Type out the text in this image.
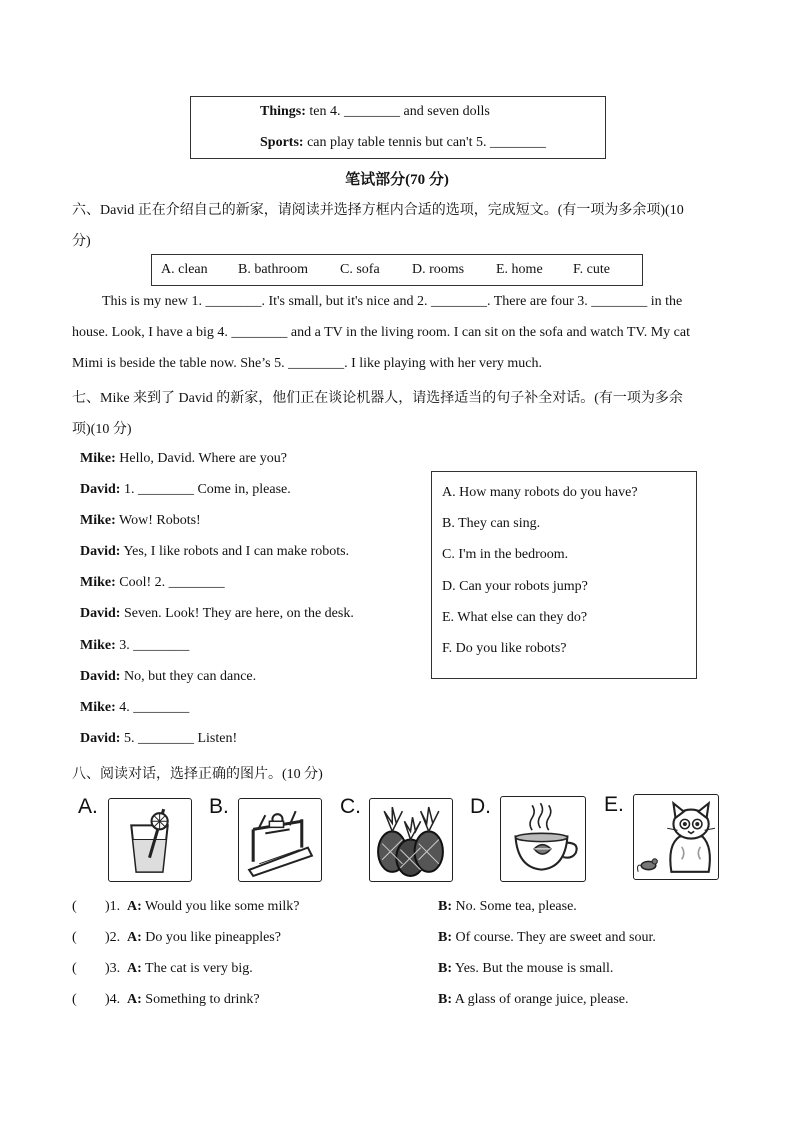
Things: ten 4. ________ and seven dolls
Sports: can play table tennis but can't 5. ________
笔试部分(70 分)
六、David 正在介绍自己的新家，请阅读并选择方框内合适的选项，完成短文。(有一项为多余项)(10
分)
A. clean B. bathroom C. sofa D. rooms E. home F. cute
This is my new 1. ________. It's small, but it's nice and 2. ________. There are four 3. ________ in the
house. Look, I have a big 4. ________ and a TV in the living room. I can sit on the sofa and watch TV. My cat
Mimi is beside the table now. She’s 5. ________. I like playing with her very much.
七、Mike 来到了 David 的新家，他们正在谈论机器人，请选择适当的句子补全对话。(有一项为多余
项)(10 分)
Mike: Hello, David. Where are you?
David: 1. ________ Come in, please.
Mike: Wow! Robots!
David: Yes, I like robots and I can make robots.
Mike: Cool! 2. ________
David: Seven. Look! They are here, on the desk.
Mike: 3. ________
David: No, but they can dance.
Mike: 4. ________
David: 5. ________ Listen!
A. How many robots do you have?
B. They can sing.
C. I'm in the bedroom.
D. Can your robots jump?
E. What else can they do?
F. Do you like robots?
八、阅读对话，选择正确的图片。(10 分)
A.	B.	C.	D.	E.
( )1. A: Would you like some milk?	B: No. Some tea, please.
( )2. A: Do you like pineapples?	B: Of course. They are sweet and sour.
( )3. A: The cat is very big.	B: Yes. But the mouse is small.
( )4. A: Something to drink?	B: A glass of orange juice, please.
